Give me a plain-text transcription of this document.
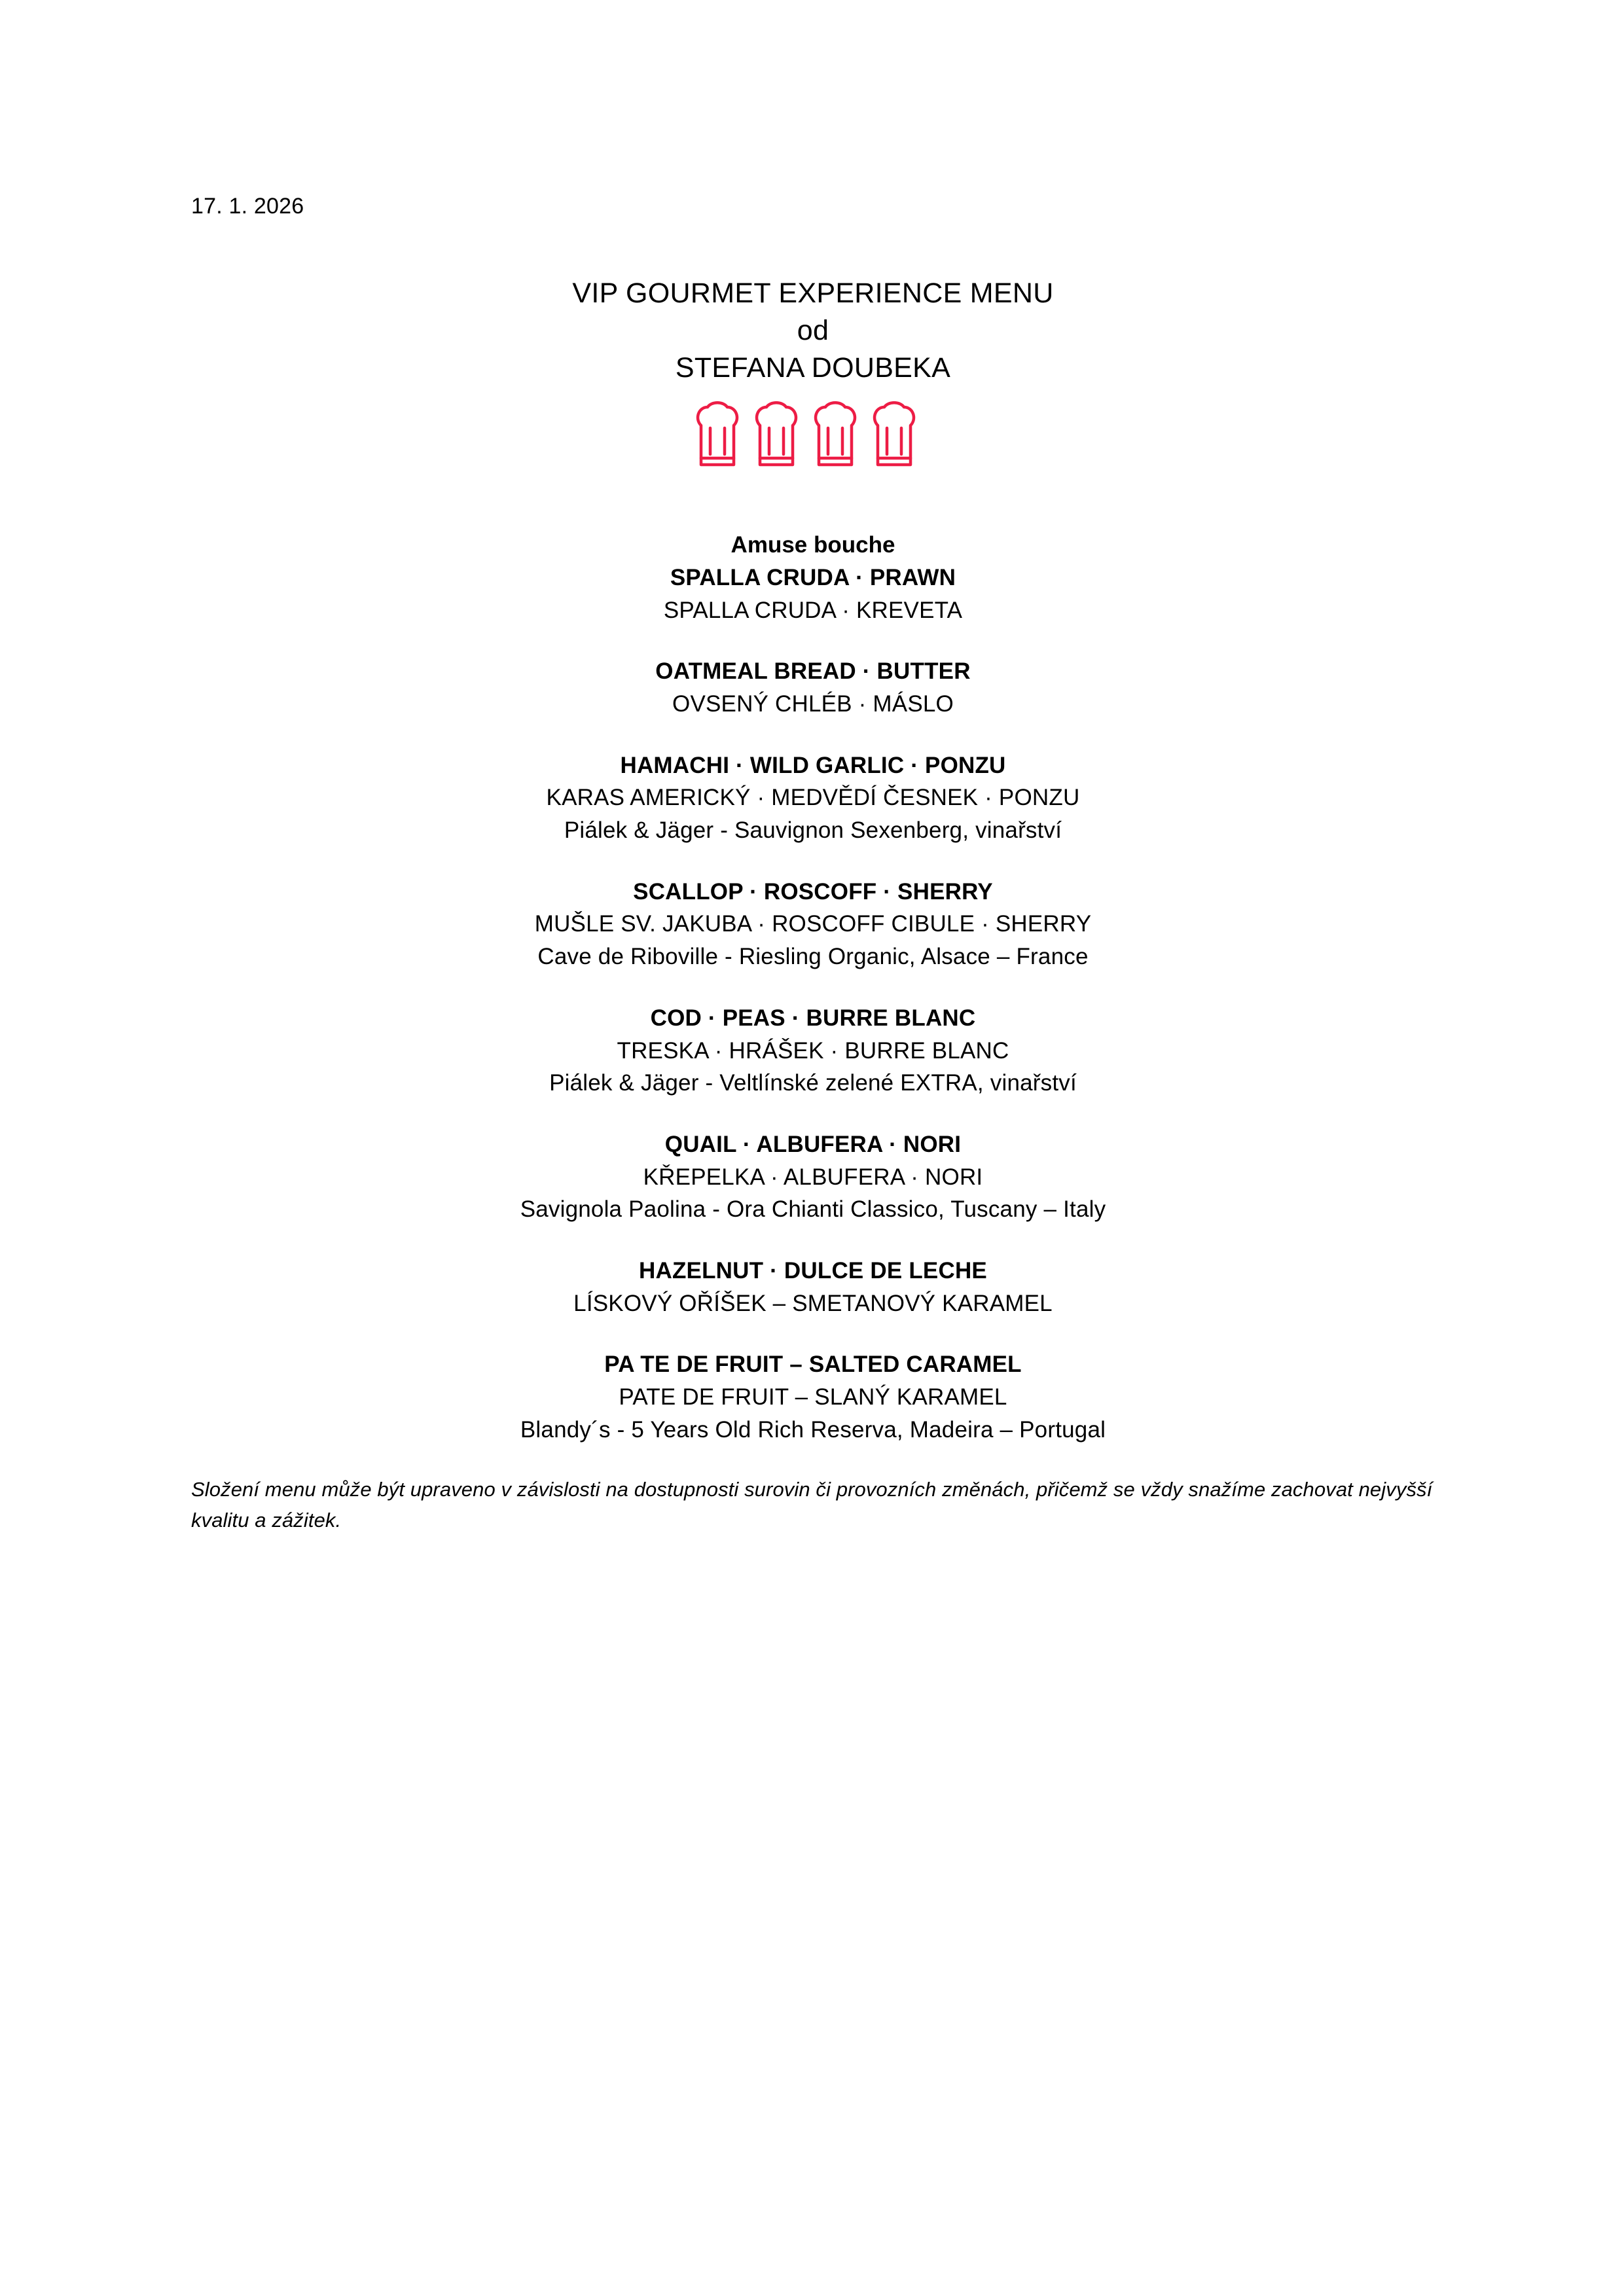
17. 1. 2026
VIP GOURMET EXPERIENCE MENU
od
STEFANA DOUBEKA
Amuse bouche
SPALLA CRUDA · PRAWN
SPALLA CRUDA · KREVETA
OATMEAL BREAD · BUTTER
OVSENÝ CHLÉB · MÁSLO
HAMACHI · WILD GARLIC · PONZU
KARAS AMERICKÝ · MEDVĚDÍ ČESNEK · PONZU
Piálek & Jäger - Sauvignon Sexenberg, vinařství
SCALLOP · ROSCOFF · SHERRY
MUŠLE SV. JAKUBA · ROSCOFF CIBULE · SHERRY
Cave de Riboville - Riesling Organic, Alsace – France
COD · PEAS · BURRE BLANC
TRESKA · HRÁŠEK · BURRE BLANC
Piálek & Jäger - Veltlínské zelené EXTRA, vinařství
QUAIL · ALBUFERA · NORI
KŘEPELKA · ALBUFERA · NORI
Savignola Paolina - Ora Chianti Classico, Tuscany – Italy
HAZELNUT · DULCE DE LECHE
LÍSKOVÝ OŘÍŠEK – SMETANOVÝ KARAMEL
PA TE DE FRUIT – SALTED CARAMEL
PATE DE FRUIT – SLANÝ KARAMEL
Blandy´s - 5 Years Old Rich Reserva, Madeira – Portugal
Složení menu může být upraveno v závislosti na dostupnosti surovin či provozních změnách, přičemž se vždy snažíme zachovat nejvyšší kvalitu a zážitek.
